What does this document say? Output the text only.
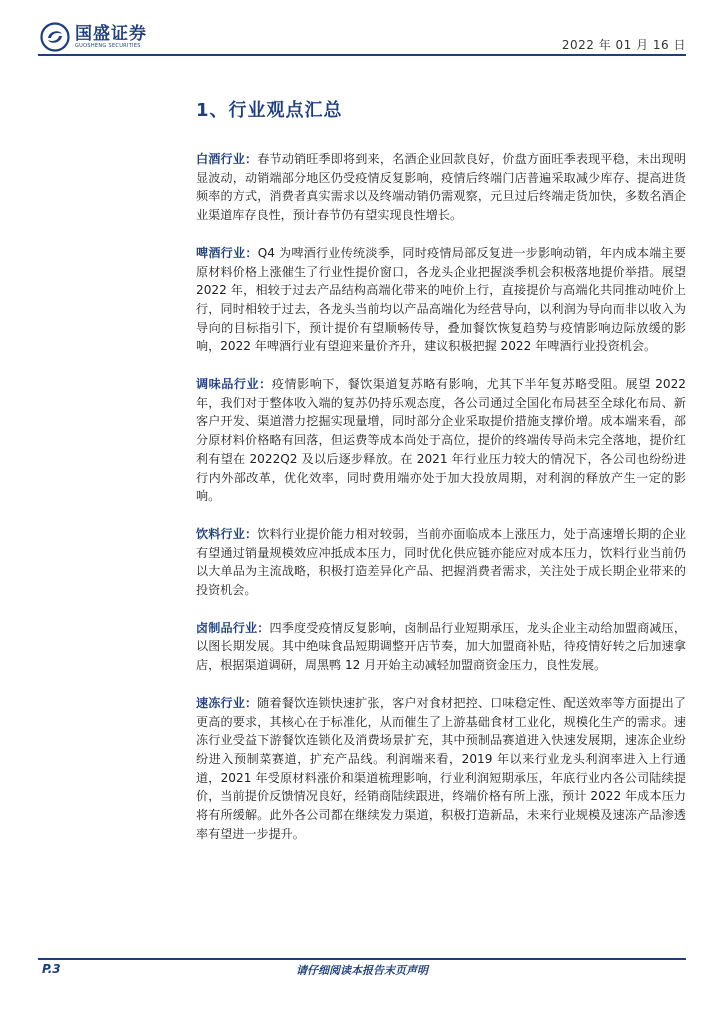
国盛证券
GUOSHENG SECURITIES	2022 年 01 月 16 日
1、行业观点汇总

白酒行业：春节动销旺季即将到来，名酒企业回款良好，价盘方面旺季表现平稳，未出现明显波动，动销端部分地区仍受疫情反复影响，疫情后终端门店普遍采取减少库存、提高进货频率的方式，消费者真实需求以及终端动销仍需观察，元旦过后终端走货加快，多数名酒企业渠道库存良性，预计春节仍有望实现良性增长。

啤酒行业：Q4 为啤酒行业传统淡季，同时疫情局部反复进一步影响动销，年内成本端主要原材料价格上涨催生了行业性提价窗口，各龙头企业把握淡季机会积极落地提价举措。展望 2022 年，相较于过去产品结构高端化带来的吨价上行，直接提价与高端化共同推动吨价上行，同时相较于过去，各龙头当前均以产品高端化为经营导向，以利润为导向而非以收入为导向的目标指引下，预计提价有望顺畅传导，叠加餐饮恢复趋势与疫情影响边际放缓的影响，2022 年啤酒行业有望迎来量价齐升，建议积极把握 2022 年啤酒行业投资机会。

调味品行业：疫情影响下，餐饮渠道复苏略有影响，尤其下半年复苏略受阻。展望 2022 年，我们对于整体收入端的复苏仍持乐观态度，各公司通过全国化布局甚至全球化布局、新客户开发、渠道潜力挖掘实现量增，同时部分企业采取提价措施支撑价增。成本端来看，部分原材料价格略有回落，但运费等成本尚处于高位，提价的终端传导尚未完全落地，提价红利有望在 2022Q2 及以后逐步释放。在 2021 年行业压力较大的情况下，各公司也纷纷进行内外部改革，优化效率，同时费用端亦处于加大投放周期，对利润的释放产生一定的影响。

饮料行业：饮料行业提价能力相对较弱，当前亦面临成本上涨压力，处于高速增长期的企业有望通过销量规模效应冲抵成本压力，同时优化供应链亦能应对成本压力，饮料行业当前仍以大单品为主流战略，积极打造差异化产品、把握消费者需求，关注处于成长期企业带来的投资机会。

卤制品行业：四季度受疫情反复影响，卤制品行业短期承压，龙头企业主动给加盟商减压，以图长期发展。其中绝味食品短期调整开店节奏，加大加盟商补贴，待疫情好转之后加速拿店，根据渠道调研，周黑鸭 12 月开始主动减轻加盟商资金压力，良性发展。

速冻行业：随着餐饮连锁快速扩张，客户对食材把控、口味稳定性、配送效率等方面提出了更高的要求，其核心在于标准化，从而催生了上游基础食材工业化，规模化生产的需求。速冻行业受益下游餐饮连锁化及消费场景扩充，其中预制品赛道进入快速发展期，速冻企业纷纷进入预制菜赛道，扩充产品线。利润端来看，2019 年以来行业龙头利润率进入上行通道，2021 年受原材料涨价和渠道梳理影响，行业利润短期承压，年底行业内各公司陆续提价，当前提价反馈情况良好，经销商陆续跟进，终端价格有所上涨，预计 2022 年成本压力将有所缓解。此外各公司都在继续发力渠道，积极打造新品，未来行业规模及速冻产品渗透率有望进一步提升。

请仔细阅读本报告末页声明
P.3
